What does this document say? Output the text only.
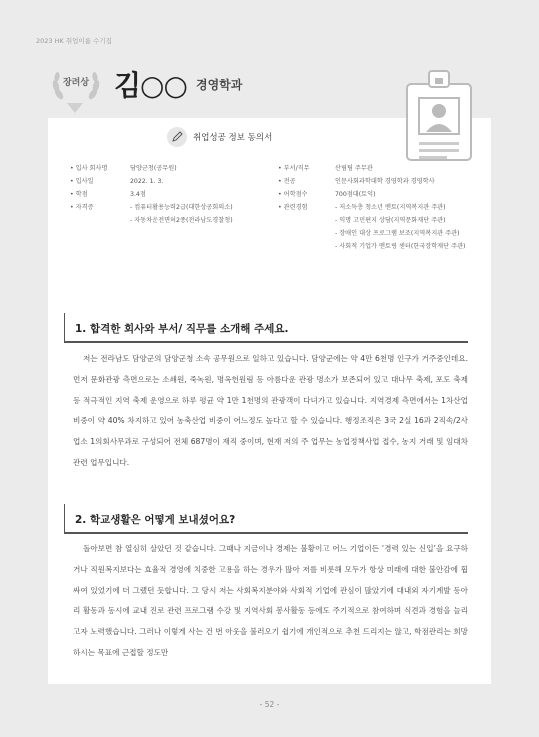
2023 HK 취업이룸 수기집
장려상 김○○ 경영학과
취업성공 정보 동의서
• 입사 회사명	담양군청(공무원)
• 입사일	2022. 1. 3.
• 학점	3.4점
• 자격증	- 컴퓨터활용능력2급(대한상공회의소)
- 자동차운전면허2종(전라남도경찰청)
• 부서/직무	산림팀 주무관
• 전공	인문사회과학대학 경영학과 경영학사
• 어학점수	700점대(토익)
• 관련경험	- 저소득층 청소년 멘토(지역복지관 주관)
- 익명 고민편지 상담(지역문화재단 주관)
- 장애인 대상 프로그램 보조(지역복지관 주관)
- 사회적 기업가 멘토링 센터(한국장학재단 주관)
1. 합격한 회사와 부서/ 직무를 소개해 주세요.

저는 전라남도 담양군의 담양군청 소속 공무원으로 일하고 있습니다. 담양군에는 약 4만 6천명 인구가 거주중인데요. 먼저 문화관광 측면으로는 소쇄원, 죽녹원, 명옥헌원림 등 아름다운 관광 명소가 보존되어 있고 대나무 축제, 포도 축제 등 적극적인 지역 축제 운영으로 하루 평균 약 1만 1천명의 관광객이 다녀가고 있습니다. 지역경제 측면에서는 1차산업 비중이 약 40% 차지하고 있어 농축산업 비중이 어느정도 높다고 할 수 있습니다. 행정조직은 3국 2실 16과 2직속/2사업소 1의회사무과로 구성되어 전체 687명이 재직 중이며, 현재 저의 주 업무는 농업정책사업 접수, 농지 거래 및 임대차 관련 업무입니다.

2. 학교생활은 어떻게 보내셨어요?

돌아보면 참 열심히 살았던 것 같습니다. 그때나 지금이나 경제는 불황이고 어느 기업이든 ‘경력 있는 신입’을 요구하거나 직원복지보다는 효율적 경영에 치중한 고용을 하는 경우가 많아 저를 비롯해 모두가 항상 미래에 대한 불안감에 휩싸여 있었기에 더 그랬던 듯합니다. 그 당시 저는 사회복지분야와 사회적 기업에 관심이 많았기에 대내외 자기계발 동아리 활동과 동시에 교내 진로 관련 프로그램 수강 및 지역사회 봉사활동 등에도 주기적으로 참여하며 식견과 경험을 늘리고자 노력했습니다. 그러나 이렇게 사는 건 번 아웃을 불러오기 쉽기에 개인적으로 추천 드리지는 않고, 학점관리는 희망하시는 목표에 근접할 정도만

- 52 -
